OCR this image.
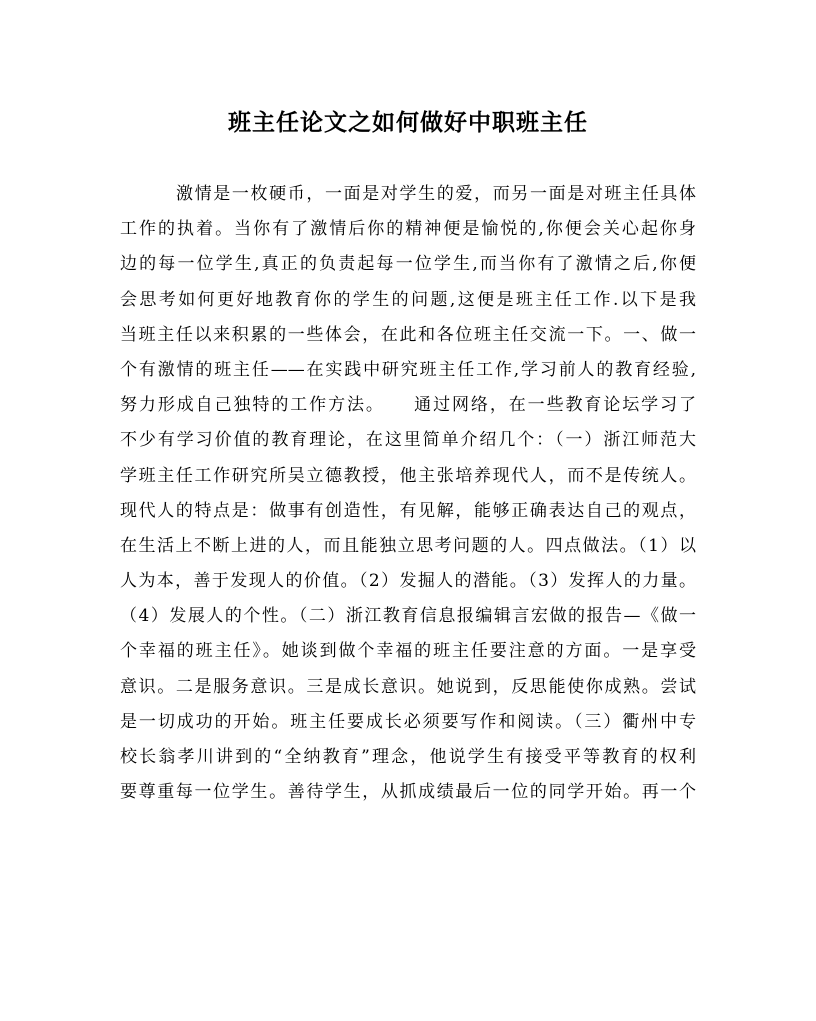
班主任论文之如何做好中职班主任
激情是一枚硬币，一面是对学生的爱，而另一面是对班主任具体
工作的执着。当你有了激情后你的精神便是愉悦的,你便会关心起你身
边的每一位学生,真正的负责起每一位学生,而当你有了激情之后,你便
会思考如何更好地教育你的学生的问题,这便是班主任工作.以下是我
当班主任以来积累的一些体会，在此和各位班主任交流一下。一、做一
个有激情的班主任——在实践中研究班主任工作,学习前人的教育经验,
努力形成自己独特的工作方法。　　通过网络，在一些教育论坛学习了
不少有学习价值的教育理论，在这里简单介绍几个：（一）浙江师范大
学班主任工作研究所吴立德教授，他主张培养现代人，而不是传统人。
现代人的特点是：做事有创造性，有见解，能够正确表达自己的观点，
在生活上不断上进的人，而且能独立思考问题的人。四点做法。（1）以
人为本，善于发现人的价值。（2）发掘人的潜能。（3）发挥人的力量。
（4）发展人的个性。（二）浙江教育信息报编辑言宏做的报告—《做一
个幸福的班主任》。她谈到做个幸福的班主任要注意的方面。一是享受
意识。二是服务意识。三是成长意识。她说到，反思能使你成熟。尝试
是一切成功的开始。班主任要成长必须要写作和阅读。（三）衢州中专
校长翁孝川讲到的“全纳教育”理念，他说学生有接受平等教育的权利
要尊重每一位学生。善待学生，从抓成绩最后一位的同学开始。再一个
